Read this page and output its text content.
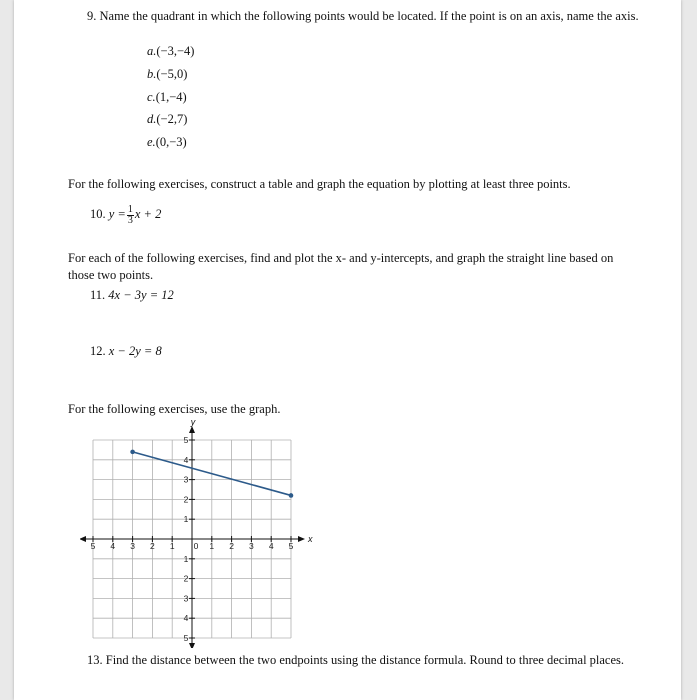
9. Name the quadrant in which the following points would be located. If the point is on an axis, name the axis.
a.(−3,−4)
b.(−5,0)
c.(1,−4)
d.(−2,7)
e.(0,−3)
For the following exercises, construct a table and graph the equation by plotting at least three points.
10. $y = \frac{1}{3}$ x + 2
For each of the following exercises, find and plot the x- and y-intercepts, and graph the straight line based on those two points.
11. 4x − 3y = 12
12. x − 2y = 8
For the following exercises, use the graph.
5 4 3 2 1 0 1 2 3 4 5
5
4
3
2
1
1
2
3
4
5
x
y
13. Find the distance between the two endpoints using the distance formula. Round to three decimal places.
